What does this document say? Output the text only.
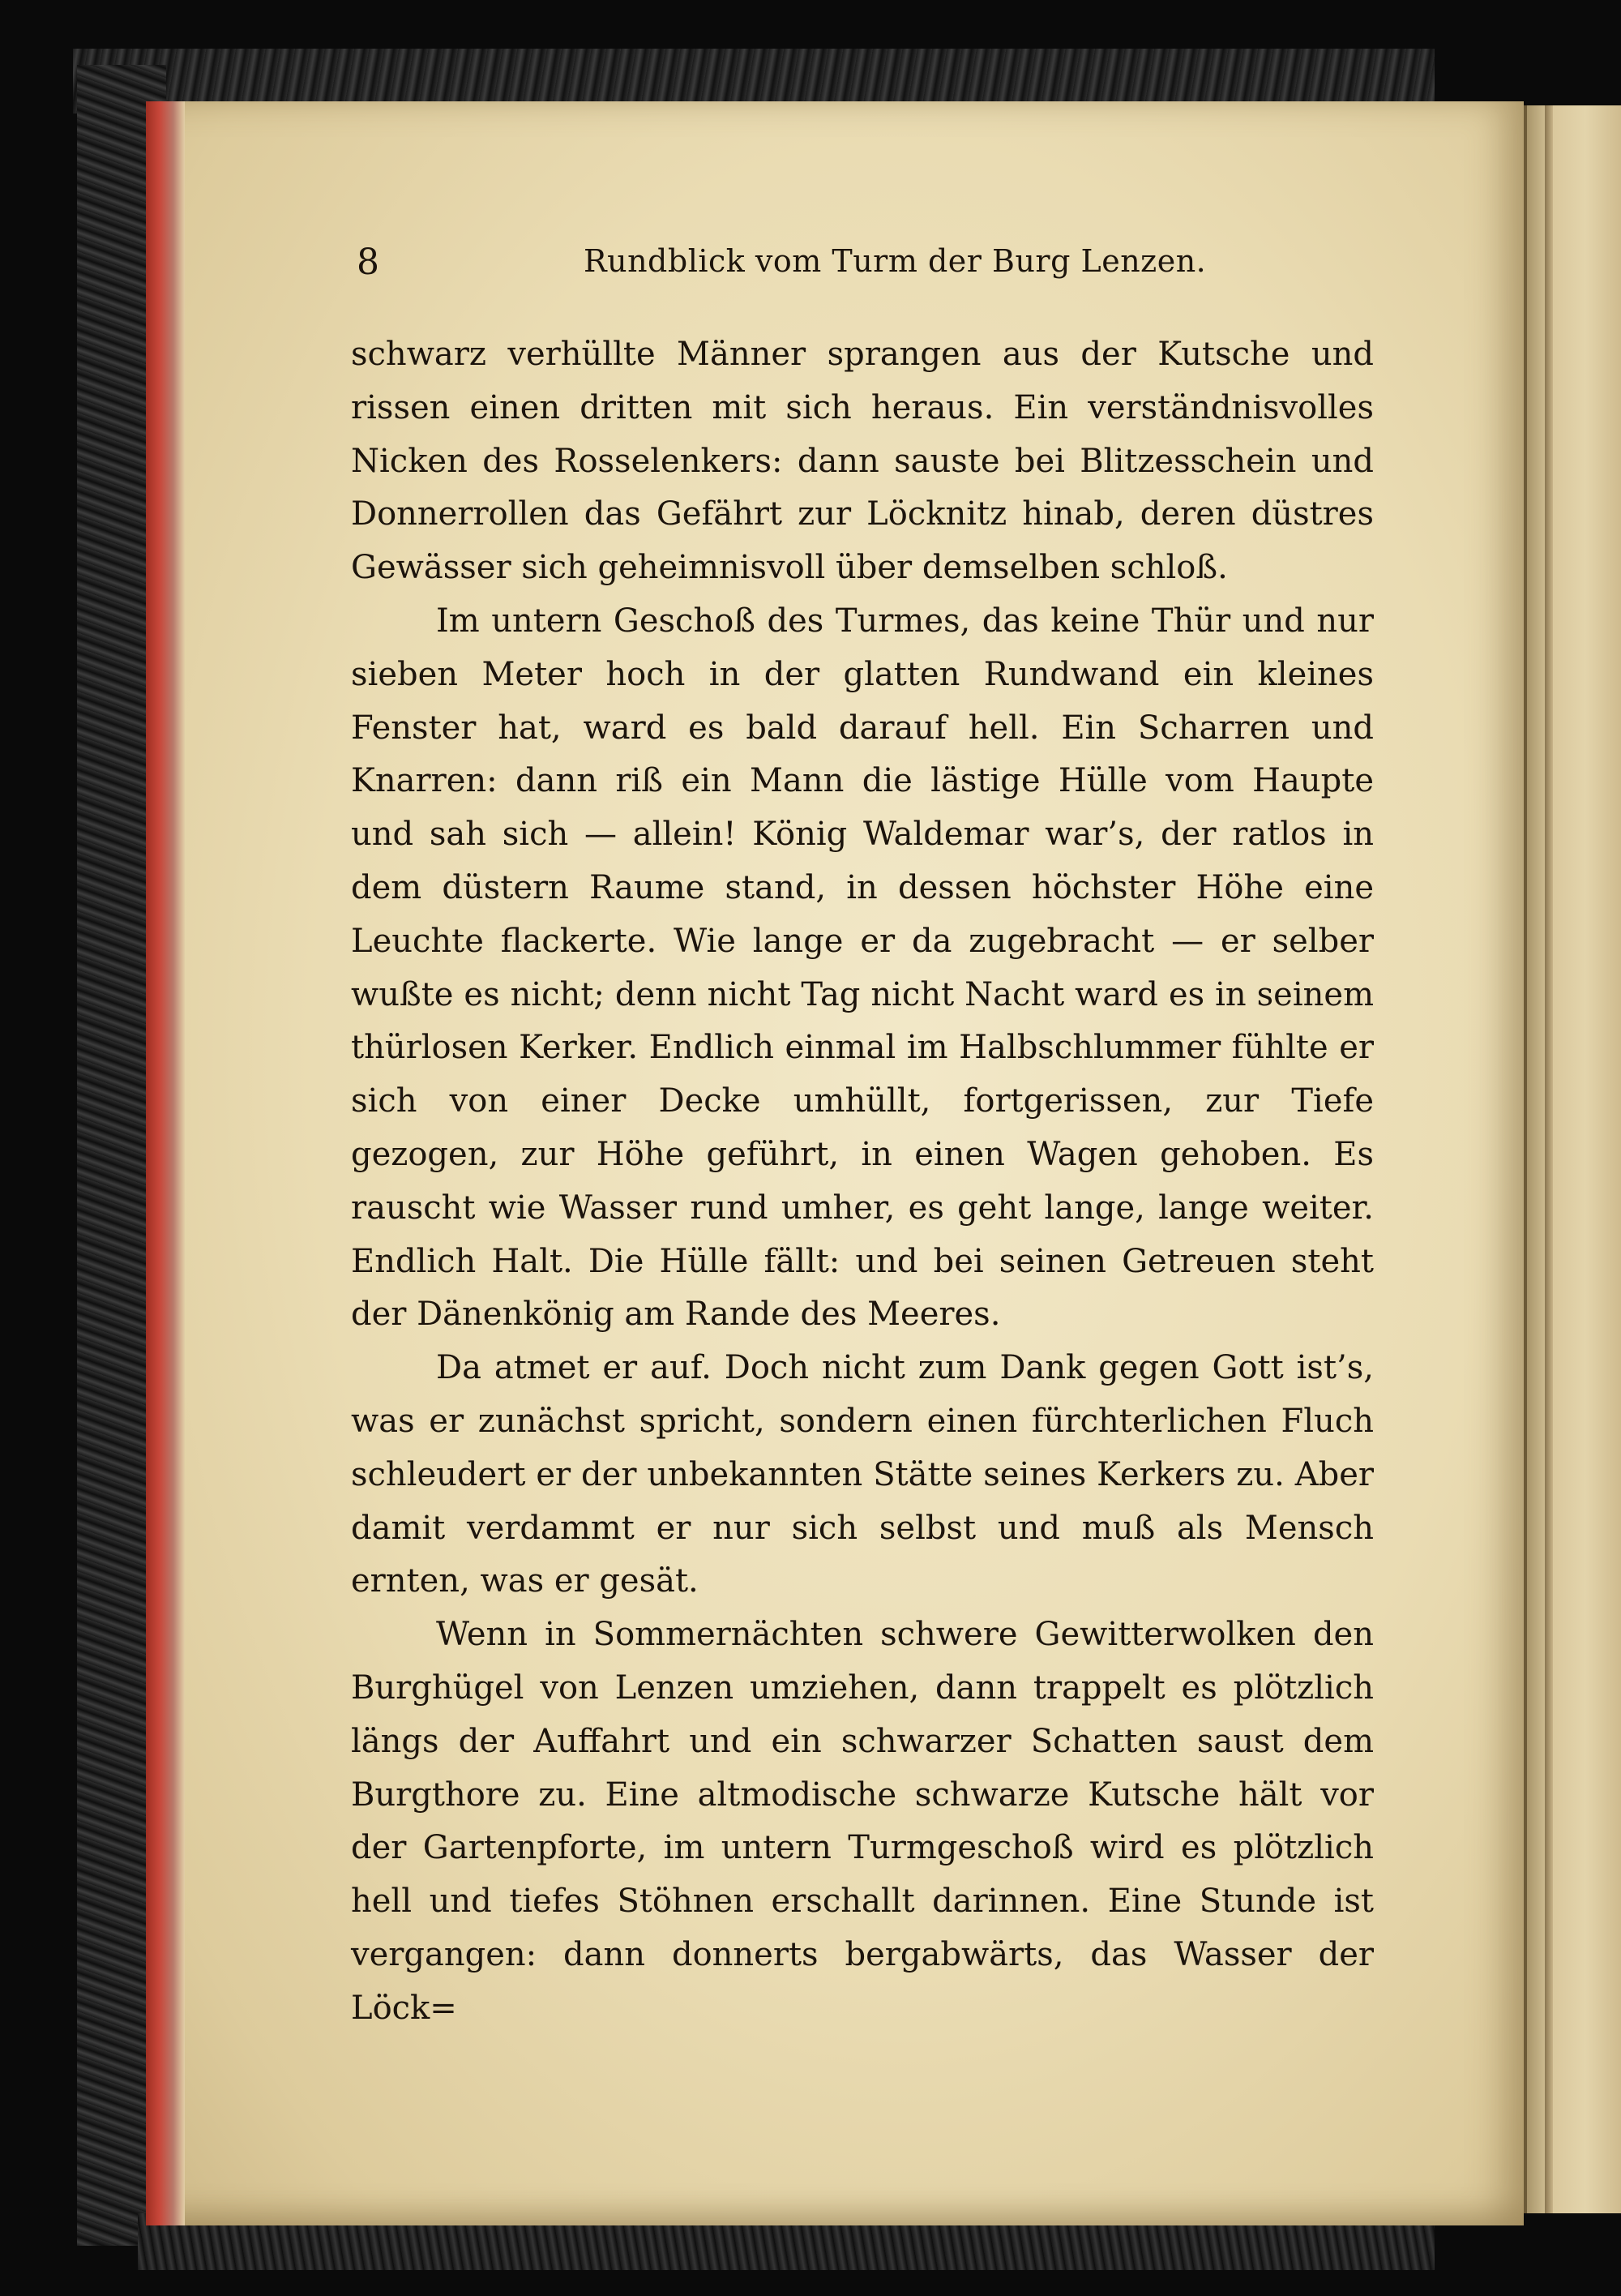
8	Rundblick vom Turm der Burg Lenzen.

schwarz verhüllte Männer sprangen aus der Kutsche und rissen einen dritten mit sich heraus. Ein verständnisvolles Nicken des Rosselenkers: dann sauste bei Blitzesschein und Donnerrollen das Gefährt zur Löcknitz hinab, deren düstres Gewässer sich geheimnisvoll über demselben schloß.

Im untern Geschoß des Turmes, das keine Thür und nur sieben Meter hoch in der glatten Rundwand ein kleines Fenster hat, ward es bald darauf hell. Ein Scharren und Knarren: dann riß ein Mann die lästige Hülle vom Haupte und sah sich — allein! König Waldemar war’s, der ratlos in dem düstern Raume stand, in dessen höchster Höhe eine Leuchte flackerte. Wie lange er da zugebracht — er selber wußte es nicht; denn nicht Tag nicht Nacht ward es in seinem thürlosen Kerker. Endlich einmal im Halbschlummer fühlte er sich von einer Decke umhüllt, fortgerissen, zur Tiefe gezogen, zur Höhe geführt, in einen Wagen gehoben. Es rauscht wie Wasser rund umher, es geht lange, lange weiter. Endlich Halt. Die Hülle fällt: und bei seinen Getreuen steht der Dänenkönig am Rande des Meeres.

Da atmet er auf. Doch nicht zum Dank gegen Gott ist’s, was er zunächst spricht, sondern einen fürchterlichen Fluch schleudert er der unbekannten Stätte seines Kerkers zu. Aber damit verdammt er nur sich selbst und muß als Mensch ernten, was er gesät.

Wenn in Sommernächten schwere Gewitterwolken den Burghügel von Lenzen umziehen, dann trappelt es plötzlich längs der Auffahrt und ein schwarzer Schatten saust dem Burgthore zu. Eine altmodische schwarze Kutsche hält vor der Gartenpforte, im untern Turmgeschoß wird es plötzlich hell und tiefes Stöhnen erschallt darinnen. Eine Stunde ist vergangen: dann donnerts bergabwärts, das Wasser der Löck=
